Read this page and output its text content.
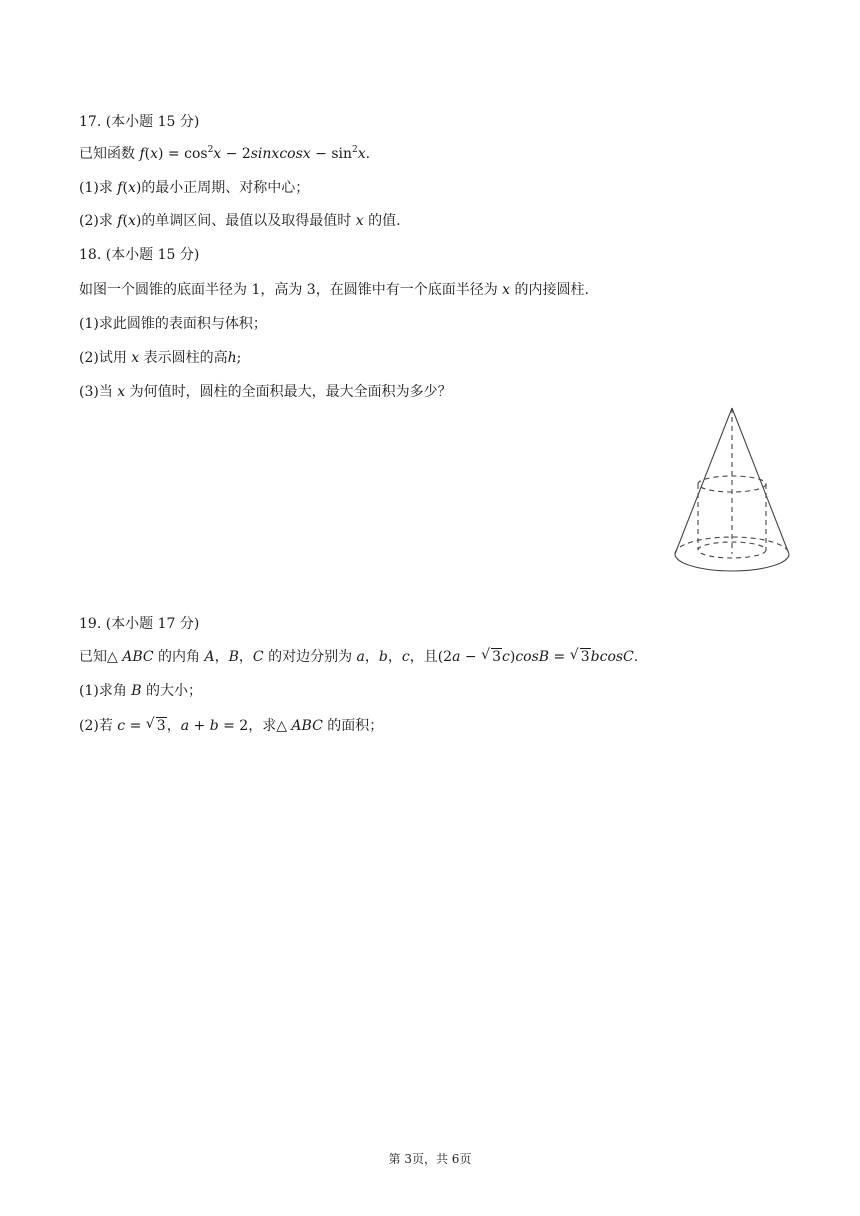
17. (本小题 15 分)
已知函数 $f(x) = \cos^2x$ − 2sinxcosx − $\sin^2x$.
(1)求 f(x)的最小正周期、对称中心；
(2)求 f(x)的单调区间、最值以及取得最值时 x 的值.
18. (本小题 15 分)
如图一个圆锥的底面半径为 1，高为 3，在圆锥中有一个底面半径为 x 的内接圆柱.
(1)求此圆锥的表面积与体积；
(2)试用 x 表示圆柱的高h;
(3)当 x 为何值时，圆柱的全面积最大，最大全面积为多少？
19. (本小题 17 分)
已知△ ABC 的内角 A，B，C 的对边分别为 a，b，c，且(2a − √ 3c)cosB = √ 3bcosC.
(1)求角 B 的大小；
(2)若 c = √ 3，a + b = 2，求△ ABC 的面积；
第 3页，共 6页
